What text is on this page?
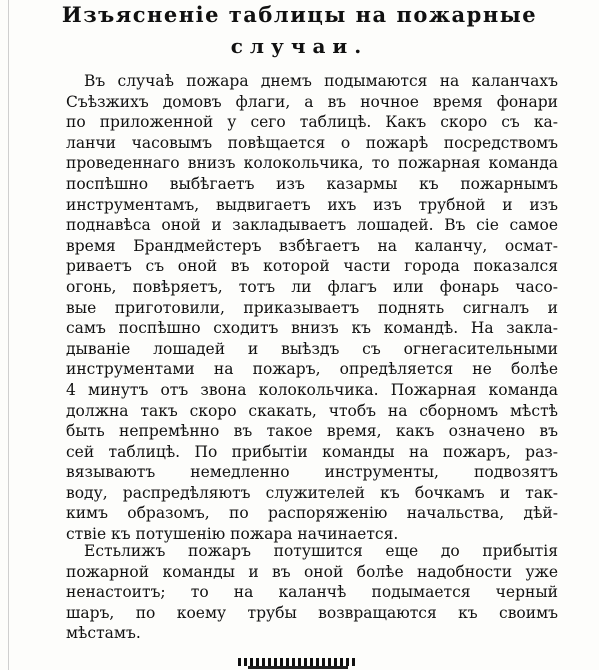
Изъясненіе таблицы на пожарные
случаи.
Въ случаѣ пожара днемъ подымаются на каланчахъ
Съѣзжихъ домовъ флаги, а въ ночное время фонари
по приложенной у сего таблицѣ. Какъ скоро съ ка-
ланчи часовымъ повѣщается о пожарѣ посредствомъ
проведеннаго внизъ колокольчика, то пожарная команда
поспѣшно выбѣгаетъ изъ казармы къ пожарнымъ
инструментамъ, выдвигаетъ ихъ изъ трубной и изъ
поднавѣса оной и закладываетъ лошадей. Въ сіе самое
время Брандмейстеръ взбѣгаетъ на каланчу, осмат-
риваетъ съ оной въ которой части города показался
огонь, повѣряетъ, тотъ ли флагъ или фонарь часо-
вые приготовили, приказываетъ поднять сигналъ и
самъ поспѣшно сходитъ внизъ къ командѣ. На закла-
дываніе лошадей и выѣздъ съ огнегасительными
инструментами на пожаръ, опредѣляется не болѣе
4 минутъ отъ звона колокольчика. Пожарная команда
должна такъ скоро скакать, чтобъ на сборномъ мѣстѣ
быть непремѣнно въ такое время, какъ означено въ
сей таблицѣ. По прибытіи команды на пожаръ, раз-
вязываютъ немедленно инструменты, подвозятъ
воду, распредѣляютъ служителей къ бочкамъ и так-
кимъ образомъ, по распоряженію начальства, дѣй-
ствіе къ потушенію пожара начинается.
Естьлижъ пожаръ потушится еще до прибытія
пожарной команды и въ оной болѣе надобности уже
ненастоитъ; то на каланчѣ подымается черный
шаръ, по коему трубы возвращаются къ своимъ
мѣстамъ.
